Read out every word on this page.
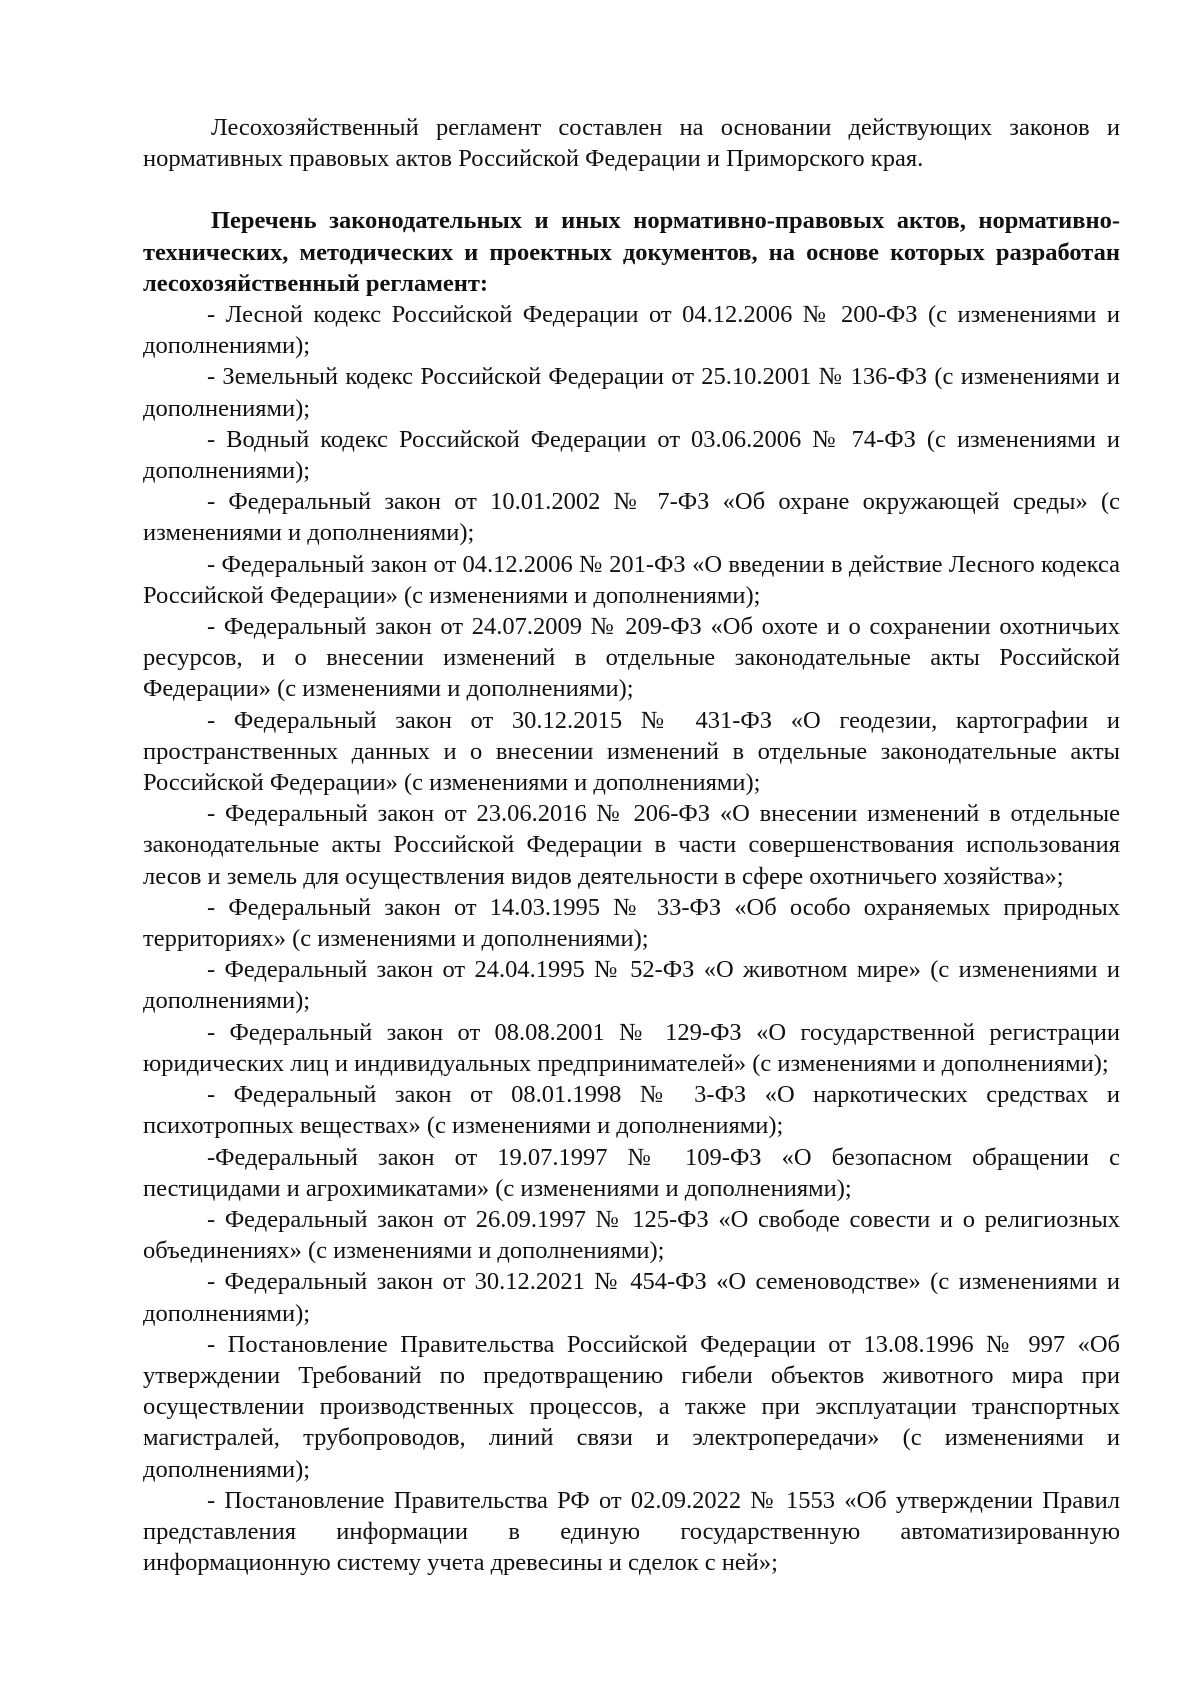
Лесохозяйственный регламент составлен на основании действующих законов и нормативных правовых актов Российской Федерации и Приморского края.

Перечень законодательных и иных нормативно-правовых актов, нормативно-технических, методических и проектных документов, на основе которых разработан лесохозяйственный регламент:

- Лесной кодекс Российской Федерации от 04.12.2006 № 200-ФЗ (с изменениями и дополнениями);

- Земельный кодекс Российской Федерации от 25.10.2001 № 136-ФЗ (с изменениями и дополнениями);

- Водный кодекс Российской Федерации от 03.06.2006 № 74-ФЗ (с изменениями и дополнениями);

- Федеральный закон от 10.01.2002 № 7-ФЗ «Об охране окружающей среды» (с изменениями и дополнениями);

- Федеральный закон от 04.12.2006 № 201-ФЗ «О введении в действие Лесного кодекса Российской Федерации» (с изменениями и дополнениями);

- Федеральный закон от 24.07.2009 № 209-ФЗ «Об охоте и о сохранении охотничьих ресурсов, и о внесении изменений в отдельные законодательные акты Российской Федерации» (с изменениями и дополнениями);

- Федеральный закон от 30.12.2015 № 431-ФЗ «О геодезии, картографии и пространственных данных и о внесении изменений в отдельные законодательные акты Российской Федерации» (с изменениями и дополнениями);

- Федеральный закон от 23.06.2016 № 206-ФЗ «О внесении изменений в отдельные законодательные акты Российской Федерации в части совершенствования использования лесов и земель для осуществления видов деятельности в сфере охотничьего хозяйства»;

- Федеральный закон от 14.03.1995 № 33-ФЗ «Об особо охраняемых природных территориях» (с изменениями и дополнениями);

- Федеральный закон от 24.04.1995 № 52-ФЗ «О животном мире» (с изменениями и дополнениями);

- Федеральный закон от 08.08.2001 № 129-ФЗ «О государственной регистрации юридических лиц и индивидуальных предпринимателей» (с изменениями и дополнениями);

- Федеральный закон от 08.01.1998 № 3-ФЗ «О наркотических средствах и психотропных веществах» (с изменениями и дополнениями);

-Федеральный закон от 19.07.1997 № 109-ФЗ «О безопасном обращении с пестицидами и агрохимикатами» (с изменениями и дополнениями);

- Федеральный закон от 26.09.1997 № 125-ФЗ «О свободе совести и о религиозных объединениях» (с изменениями и дополнениями);

- Федеральный закон от 30.12.2021 № 454-ФЗ «О семеноводстве» (с изменениями и дополнениями);

- Постановление Правительства Российской Федерации от 13.08.1996 № 997 «Об утверждении Требований по предотвращению гибели объектов животного мира при осуществлении производственных процессов, а также при эксплуатации транспортных магистралей, трубопроводов, линий связи и электропередачи» (с изменениями и дополнениями);

- Постановление Правительства РФ от 02.09.2022 № 1553 «Об утверждении Правил представления информации в единую государственную автоматизированную информационную систему учета древесины и сделок с ней»;
